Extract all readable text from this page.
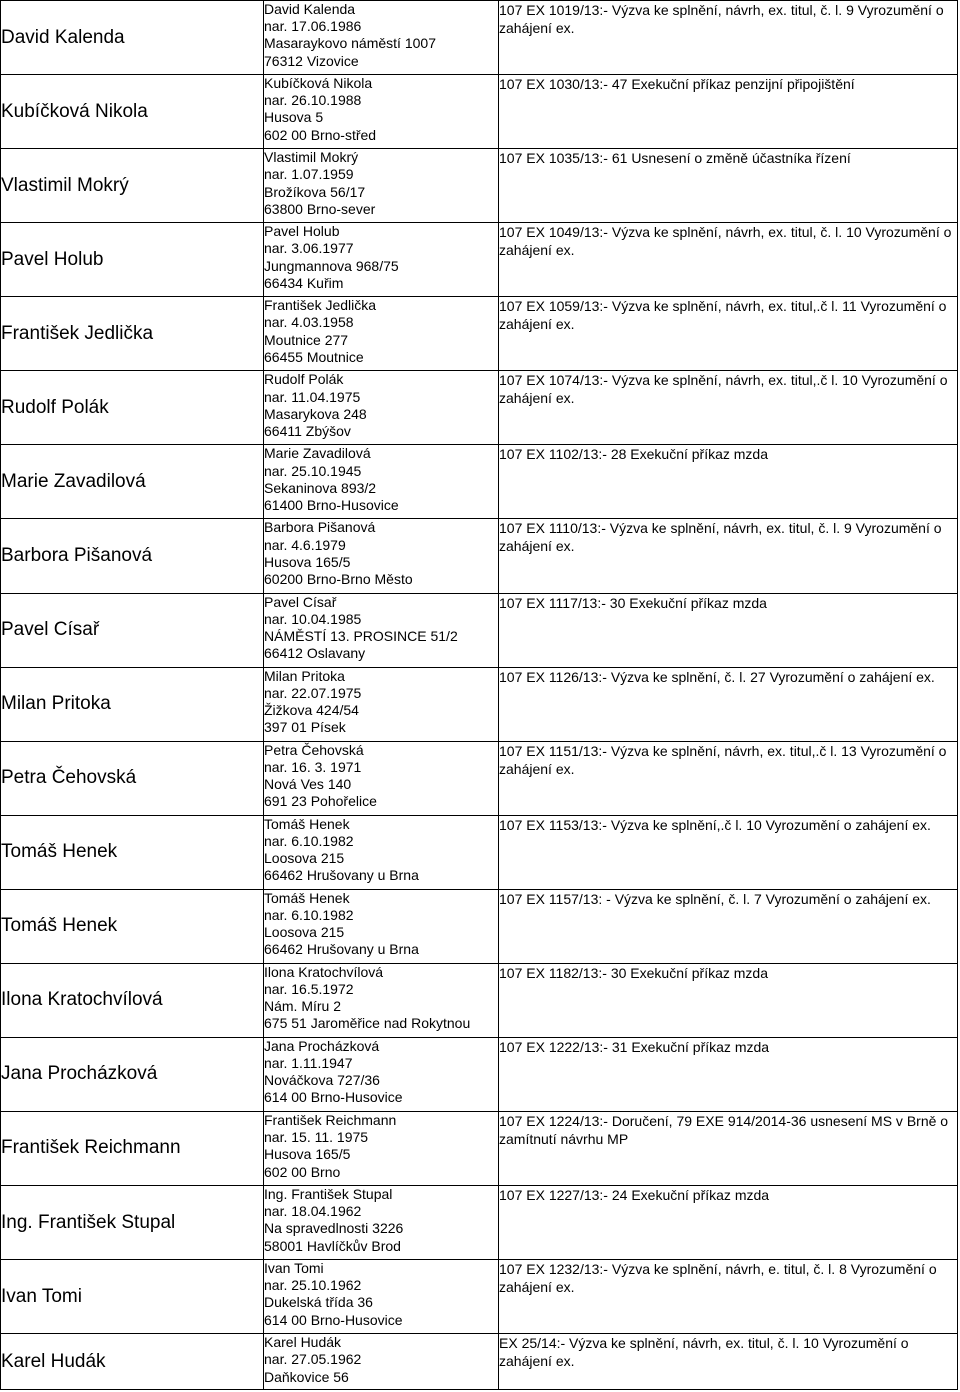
David Kalenda	David Kalenda
nar. 17.06.1986
Masaraykovo náměstí 1007
76312 Vizovice	107 EX 1019/13:- Výzva ke splnění, návrh, ex. titul, č. l. 9 Vyrozumění o zahájení ex.
Kubíčková Nikola	Kubíčková Nikola
nar. 26.10.1988
Husova 5
602 00 Brno-střed	107 EX 1030/13:- 47 Exekuční příkaz penzijní připojištění
Vlastimil Mokrý	Vlastimil Mokrý
nar. 1.07.1959
Brožíkova 56/17
63800 Brno-sever	107 EX 1035/13:- 61 Usnesení o změně účastníka řízení
Pavel Holub	Pavel Holub
nar. 3.06.1977
Jungmannova 968/75
66434 Kuřim	107 EX 1049/13:- Výzva ke splnění, návrh, ex. titul, č. l. 10 Vyrozumění o zahájení ex.
František Jedlička	František Jedlička
nar. 4.03.1958
Moutnice 277
66455 Moutnice	107 EX 1059/13:- Výzva ke splnění, návrh, ex. titul,.č l. 11 Vyrozumění o zahájení ex.
Rudolf Polák	Rudolf Polák
nar. 11.04.1975
Masarykova 248
66411 Zbýšov	107 EX 1074/13:- Výzva ke splnění, návrh, ex. titul,.č l. 10 Vyrozumění o zahájení ex.
Marie Zavadilová	Marie Zavadilová
nar. 25.10.1945
Sekaninova 893/2
61400 Brno-Husovice	107 EX 1102/13:- 28 Exekuční příkaz mzda
Barbora Pišanová	Barbora Pišanová
nar. 4.6.1979
Husova 165/5
60200 Brno-Brno Město	107 EX 1110/13:- Výzva ke splnění, návrh, ex. titul, č. l. 9 Vyrozumění o zahájení ex.
Pavel Císař	Pavel Císař
nar. 10.04.1985
NÁMĚSTÍ 13. PROSINCE 51/2
66412 Oslavany	107 EX 1117/13:- 30 Exekuční příkaz mzda
Milan Pritoka	Milan Pritoka
nar. 22.07.1975
Žižkova 424/54
397 01 Písek	107 EX 1126/13:- Výzva ke splnění, č. l. 27 Vyrozumění o zahájení ex.
Petra Čehovská	Petra Čehovská
nar. 16. 3. 1971
Nová Ves 140
691 23 Pohořelice	107 EX 1151/13:- Výzva ke splnění, návrh, ex. titul,.č l. 13 Vyrozumění o zahájení ex.
Tomáš Henek	Tomáš Henek
nar. 6.10.1982
Loosova 215
66462 Hrušovany u Brna	107 EX 1153/13:- Výzva ke splnění,.č l. 10 Vyrozumění o zahájení ex.
Tomáš Henek	Tomáš Henek
nar. 6.10.1982
Loosova 215
66462 Hrušovany u Brna	107 EX 1157/13: - Výzva ke splnění, č. l. 7 Vyrozumění o zahájení ex.
Ilona Kratochvílová	Ilona Kratochvílová
nar. 16.5.1972
Nám. Míru 2
675 51 Jaroměřice nad Rokytnou	107 EX 1182/13:- 30 Exekuční příkaz mzda
Jana Procházková	Jana Procházková
nar. 1.11.1947
Nováčkova 727/36
614 00 Brno-Husovice	107 EX 1222/13:- 31 Exekuční příkaz mzda
František Reichmann	František Reichmann
nar. 15. 11. 1975
Husova 165/5
602 00 Brno	107 EX 1224/13:- Doručení, 79 EXE 914/2014-36 usnesení MS v Brně o zamítnutí návrhu MP
Ing. František Stupal	Ing. František Stupal
nar. 18.04.1962
Na spravedlnosti 3226
58001 Havlíčkův Brod	107 EX 1227/13:- 24 Exekuční příkaz mzda
Ivan Tomi	Ivan Tomi
nar. 25.10.1962
Dukelská třída 36
614 00 Brno-Husovice	107 EX 1232/13:- Výzva ke splnění, návrh, e. titul, č. l. 8 Vyrozumění o zahájení ex.
Karel Hudák	Karel Hudák
nar. 27.05.1962
Daňkovice 56	EX 25/14:- Výzva ke splnění, návrh, ex. titul, č. l. 10 Vyrozumění o zahájení ex.
